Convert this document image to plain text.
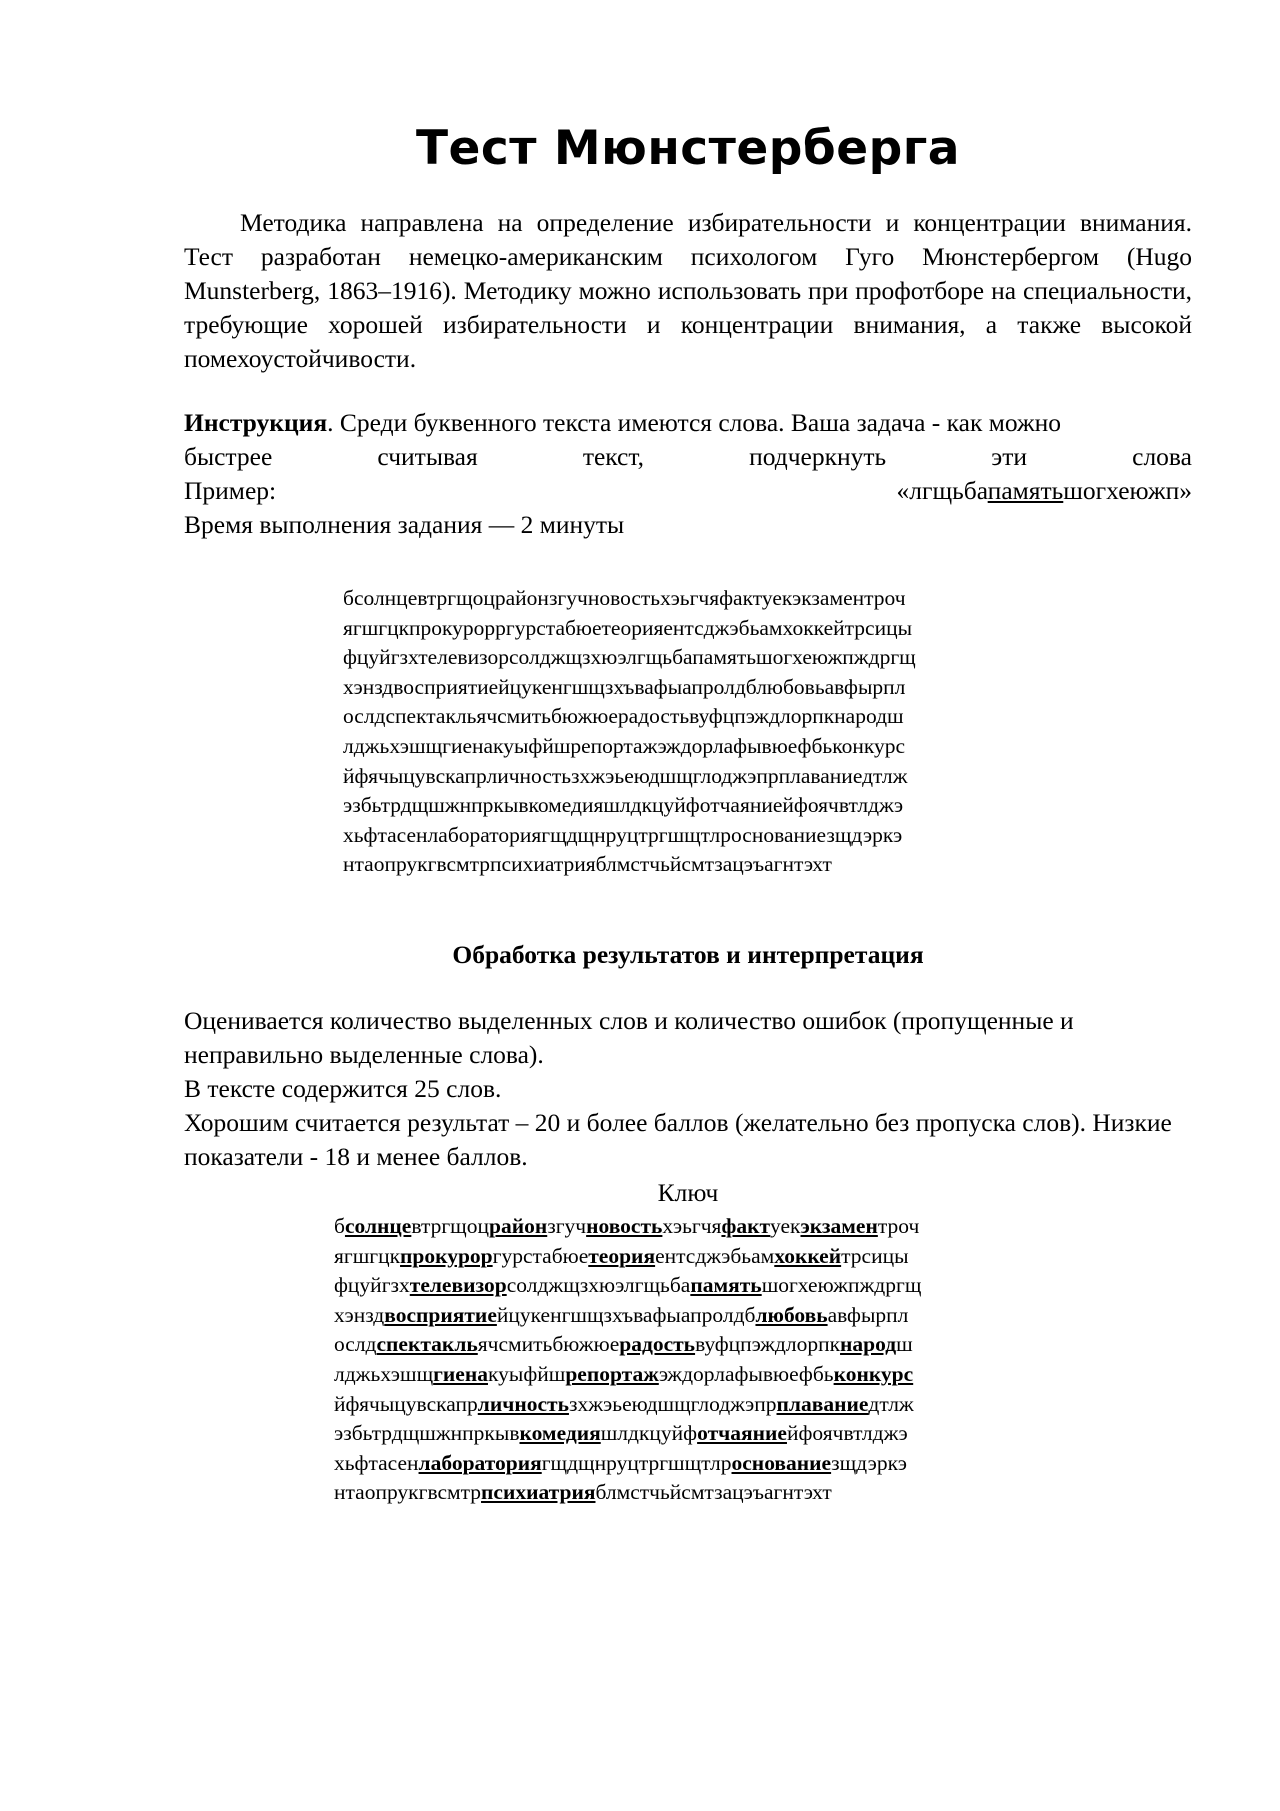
Тест Мюнстерберга

Методика направлена на определение избирательности и концентрации внимания. Тест разработан немецко-американским психологом Гуго Мюнстербергом (Hugo Munsterberg, 1863–1916). Методику можно использовать при профотборе на специальности, требующие хорошей избирательности и концентрации внимания, а также высокой помехоустойчивости.

Инструкция. Среди буквенного текста имеются слова. Ваша задача - как можно
быстрее	считывая	текст,	подчеркнуть	эти	слова
Пример:	«лгщьбапамятьшогхеюжп»
Время выполнения задания — 2 минуты
бсолнцевтргщоцрайонзгучновостьхэьгчяфактуекэкзаментроч
ягшгцкпрокурорргурстабюетеорияентсджэбьамхоккейтрсицы
фцуйгзхтелевизорсолджщзхюэлгщьбапамятьшогхеюжпждргщ
хэнздвосприятиейцукенгшщзхъвафыапролдблюбовьавфырпл
ослдспектакльячсмитьбюжюерадостьвуфцпэждлорпкнародш
лджьхэшщгиенакуыфйшрепортажэждорлафывюефбьконкурс
йфячыцувскапрличностьзхжэьеюдшщглоджэпрплаваниедтлж
эзбьтрдщшжнпркывкомедияшлдкцуйфотчаяниейфоячвтлджэ
хьфтасенлабораториягщдщнруцтргшщтлроснованиезщдэркэ
нтаопрукгвсмтрпсихиатрияблмстчьйсмтзацэъагнтэхт
Обработка результатов и интерпретация
Оценивается количество выделенных слов и количество ошибок (пропущенные и неправильно выделенные слова).
В тексте содержится 25 слов.
Хорошим считается результат – 20 и более баллов (желательно без пропуска слов). Низкие показатели - 18 и менее баллов.
Ключ
бсолнцевтргщоцрайонзгучновостьхэьгчяфактуекэкзаментроч
ягшгцкпрокуроргурстабюетеорияентсджэбьамхоккейтрсицы
фцуйгзхтелевизорсолджщзхюэлгщьбапамятьшогхеюжпждргщ
хэнздвосприятиейцукенгшщзхъвафыапролдблюбовьавфырпл
ослдспектакльячсмитьбюжюерадостьвуфцпэждлорпкнародш
лджьхэшщгиенакуыфйшрепортажэждорлафывюефбьконкурс
йфячыцувскапрличностьзхжэьеюдшщглоджэпрплаваниедтлж
эзбьтрдщшжнпркывкомедияшлдкцуйфотчаяниейфоячвтлджэ
хьфтасенлабораториягщдщнруцтргшщтлроснованиезщдэркэ
нтаопрукгвсмтрпсихиатрияблмстчьйсмтзацэъагнтэхт
